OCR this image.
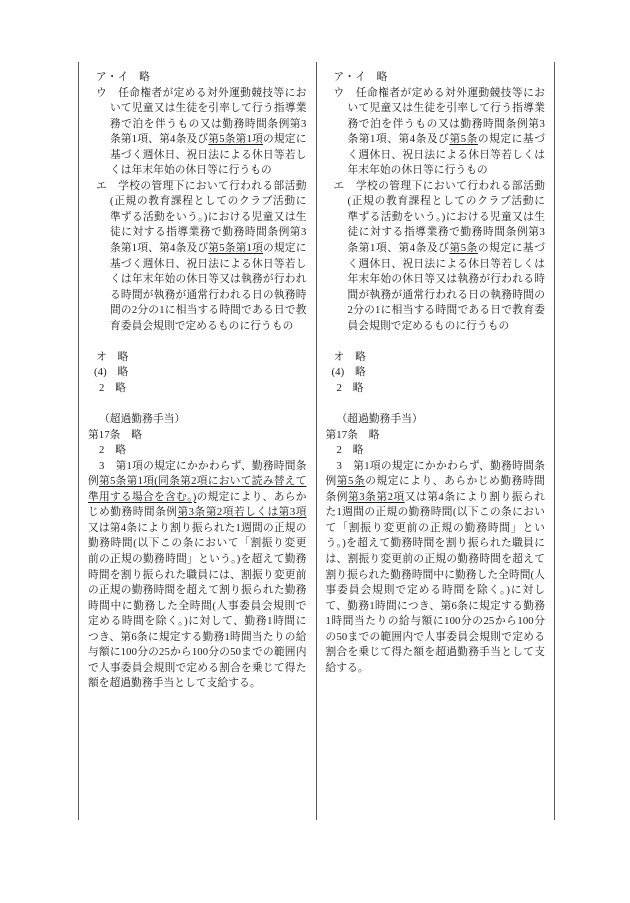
ア・イ　略

ウ　任命権者が定める対外運動競技等において児童又は生徒を引率して行う指導業務で泊を伴うもの又は勤務時間条例第3条第1項、第4条及び第5条第1項の規定に基づく週休日、祝日法による休日等若しくは年末年始の休日等に行うもの

エ　学校の管理下において行われる部活動(正規の教育課程としてのクラブ活動に準ずる活動をいう。)における児童又は生徒に対する指導業務で勤務時間条例第3条第1項、第4条及び第5条第1項の規定に基づく週休日、祝日法による休日等若しくは年末年始の休日等又は執務が行われる時間が執務が通常行われる日の執務時間の2分の1に相当する時間である日で教育委員会規則で定めるものに行うもの

オ　略

(4)　略

2　略

（超過勤務手当）

第17条　略

2　略

3　第1項の規定にかかわらず、勤務時間条例第5条第1項(同条第2項において読み替えて準用する場合を含む。)の規定により、あらかじめ勤務時間条例第3条第2項若しくは第3項又は第4条により割り振られた1週間の正規の勤務時間(以下この条において「割振り変更前の正規の勤務時間」という。)を超えて勤務時間を割り振られた職員には、割振り変更前の正規の勤務時間を超えて割り振られた勤務時間中に勤務した全時間(人事委員会規則で定める時間を除く。)に対して、勤務1時間につき、第6条に規定する勤務1時間当たりの給与額に100分の25から100分の50までの範囲内で人事委員会規則で定める割合を乗じて得た額を超過勤務手当として支給する。

ア・イ　略

ウ　任命権者が定める対外運動競技等において児童又は生徒を引率して行う指導業務で泊を伴うもの又は勤務時間条例第3条第1項、第4条及び第5条の規定に基づく週休日、祝日法による休日等若しくは年末年始の休日等に行うもの

エ　学校の管理下において行われる部活動(正規の教育課程としてのクラブ活動に準ずる活動をいう。)における児童又は生徒に対する指導業務で勤務時間条例第3条第1項、第4条及び第5条の規定に基づく週休日、祝日法による休日等若しくは年末年始の休日等又は執務が行われる時間が執務が通常行われる日の執務時間の2分の1に相当する時間である日で教育委員会規則で定めるものに行うもの

オ　略

(4)　略

2　略

（超過勤務手当）

第17条　略

2　略

3　第1項の規定にかかわらず、勤務時間条例第5条の規定により、あらかじめ勤務時間条例第3条第2項又は第4条により割り振られた1週間の正規の勤務時間(以下この条において「割振り変更前の正規の勤務時間」という。)を超えて勤務時間を割り振られた職員には、割振り変更前の正規の勤務時間を超えて割り振られた勤務時間中に勤務した全時間(人事委員会規則で定める時間を除く。)に対して、勤務1時間につき、第6条に規定する勤務1時間当たりの給与額に100分の25から100分の50までの範囲内で人事委員会規則で定める割合を乗じて得た額を超過勤務手当として支給する。
